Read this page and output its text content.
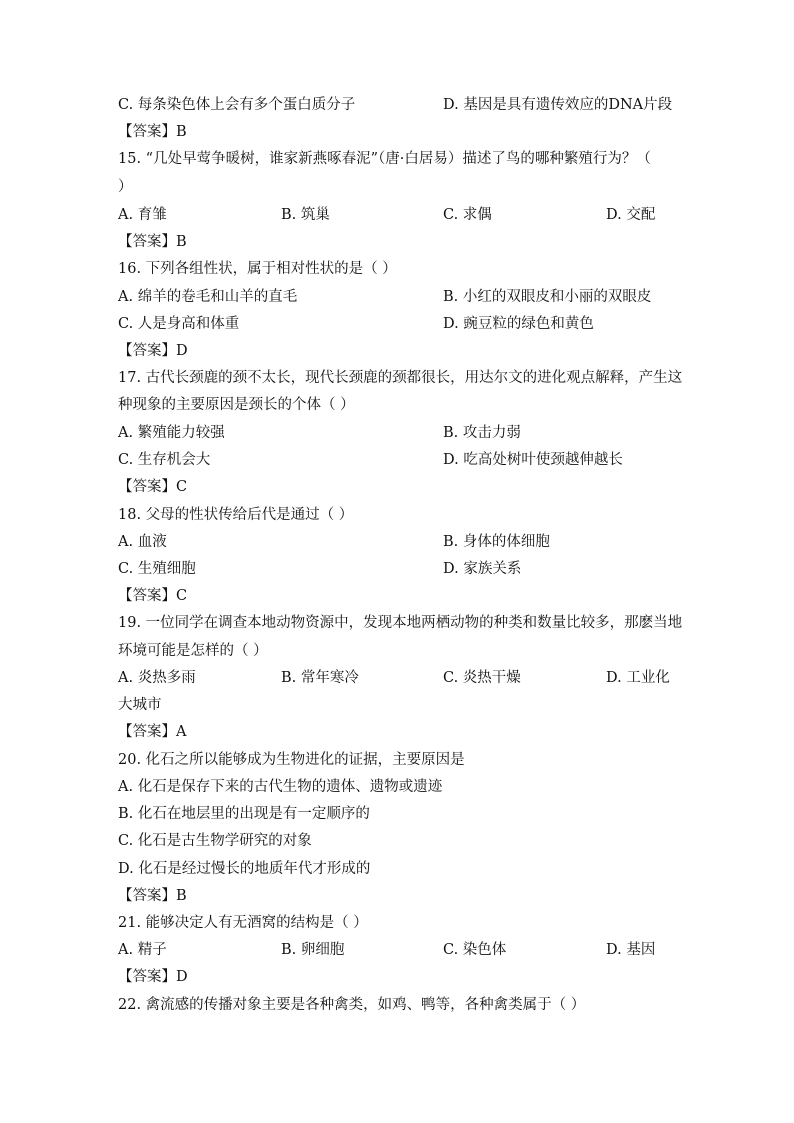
C. 每条染色体上会有多个蛋白质分子	D. 基因是具有遗传效应的DNA片段
【答案】B
15. “几处早莺争暖树，谁家新燕啄春泥”（唐·白居易）描述了鸟的哪种繁殖行为？（
）
A. 育雏	B. 筑巢	C. 求偶	D. 交配
【答案】B
16. 下列各组性状，属于相对性状的是（ ）
A. 绵羊的卷毛和山羊的直毛	B. 小红的双眼皮和小丽的双眼皮
C. 人是身高和体重	D. 豌豆粒的绿色和黄色
【答案】D
17. 古代长颈鹿的颈不太长，现代长颈鹿的颈都很长，用达尔文的进化观点解释，产生这
种现象的主要原因是颈长的个体（ ）
A. 繁殖能力较强	B. 攻击力弱
C. 生存机会大	D. 吃高处树叶使颈越伸越长
【答案】C
18. 父母的性状传给后代是通过（ ）
A. 血液	B. 身体的体细胞
C. 生殖细胞	D. 家族关系
【答案】C
19. 一位同学在调查本地动物资源中，发现本地两栖动物的种类和数量比较多，那麽当地
环境可能是怎样的（ ）
A. 炎热多雨	B. 常年寒冷	C. 炎热干燥	D. 工业化
大城市
【答案】A
20. 化石之所以能够成为生物进化的证据，主要原因是
A. 化石是保存下来的古代生物的遗体、遗物或遗迹
B. 化石在地层里的出现是有一定顺序的
C. 化石是古生物学研究的对象
D. 化石是经过慢长的地质年代才形成的
【答案】B
21. 能够决定人有无酒窝的结构是（ ）
A. 精子	B. 卵细胞	C. 染色体	D. 基因
【答案】D
22. 禽流感的传播对象主要是各种禽类，如鸡、鸭等，各种禽类属于（ ）
